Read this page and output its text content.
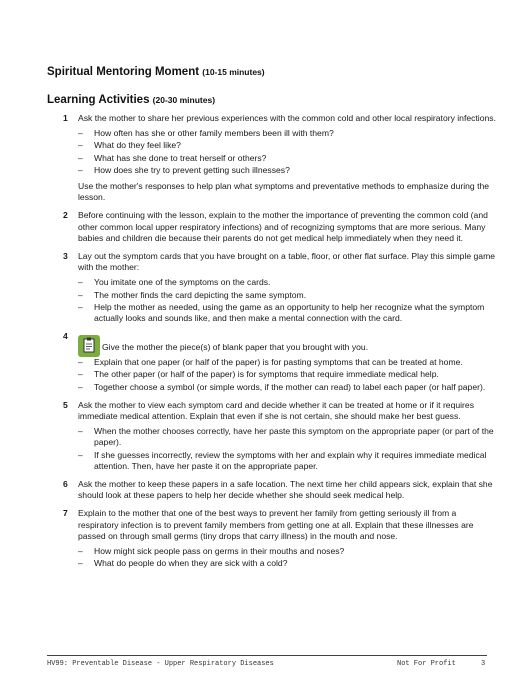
Spiritual Mentoring Moment (10-15 minutes)
Learning Activities (20-30 minutes)
1 Ask the mother to share her previous experiences with the common cold and other local respiratory infections.
– How often has she or other family members been ill with them?
– What do they feel like?
– What has she done to treat herself or others?
– How does she try to prevent getting such illnesses?
Use the mother's responses to help plan what symptoms and preventative methods to emphasize during the lesson.
2 Before continuing with the lesson, explain to the mother the importance of preventing the common cold (and other common local upper respiratory infections) and of recognizing symptoms that are more serious. Many babies and children die because their parents do not get medical help immediately when they need it.
3 Lay out the symptom cards that you have brought on a table, floor, or other flat surface. Play this simple game with the mother:
– You imitate one of the symptoms on the cards.
– The mother finds the card depicting the same symptom.
– Help the mother as needed, using the game as an opportunity to help her recognize what the symptom actually looks and sounds like, and then make a mental connection with the card.
4
Give the mother the piece(s) of blank paper that you brought with you.
– Explain that one paper (or half of the paper) is for pasting symptoms that can be treated at home.
– The other paper (or half of the paper) is for symptoms that require immediate medical help.
– Together choose a symbol (or simple words, if the mother can read) to label each paper (or half paper).
5 Ask the mother to view each symptom card and decide whether it can be treated at home or if it requires immediate medical attention. Explain that even if she is not certain, she should make her best guess.
– When the mother chooses correctly, have her paste this symptom on the appropriate paper (or part of the paper).
– If she guesses incorrectly, review the symptoms with her and explain why it requires immediate medical attention. Then, have her paste it on the appropriate paper.
6 Ask the mother to keep these papers in a safe location. The next time her child appears sick, explain that she should look at these papers to help her decide whether she should seek medical help.
7 Explain to the mother that one of the best ways to prevent her family from getting seriously ill from a respiratory infection is to prevent family members from getting one at all. Explain that these illnesses are passed on through small germs (tiny drops that carry illness) in the mouth and nose.
– How might sick people pass on germs in their mouths and noses?
– What do people do when they are sick with a cold?
HV99: Preventable Disease - Upper Respiratory Diseases	Not For Profit	3
